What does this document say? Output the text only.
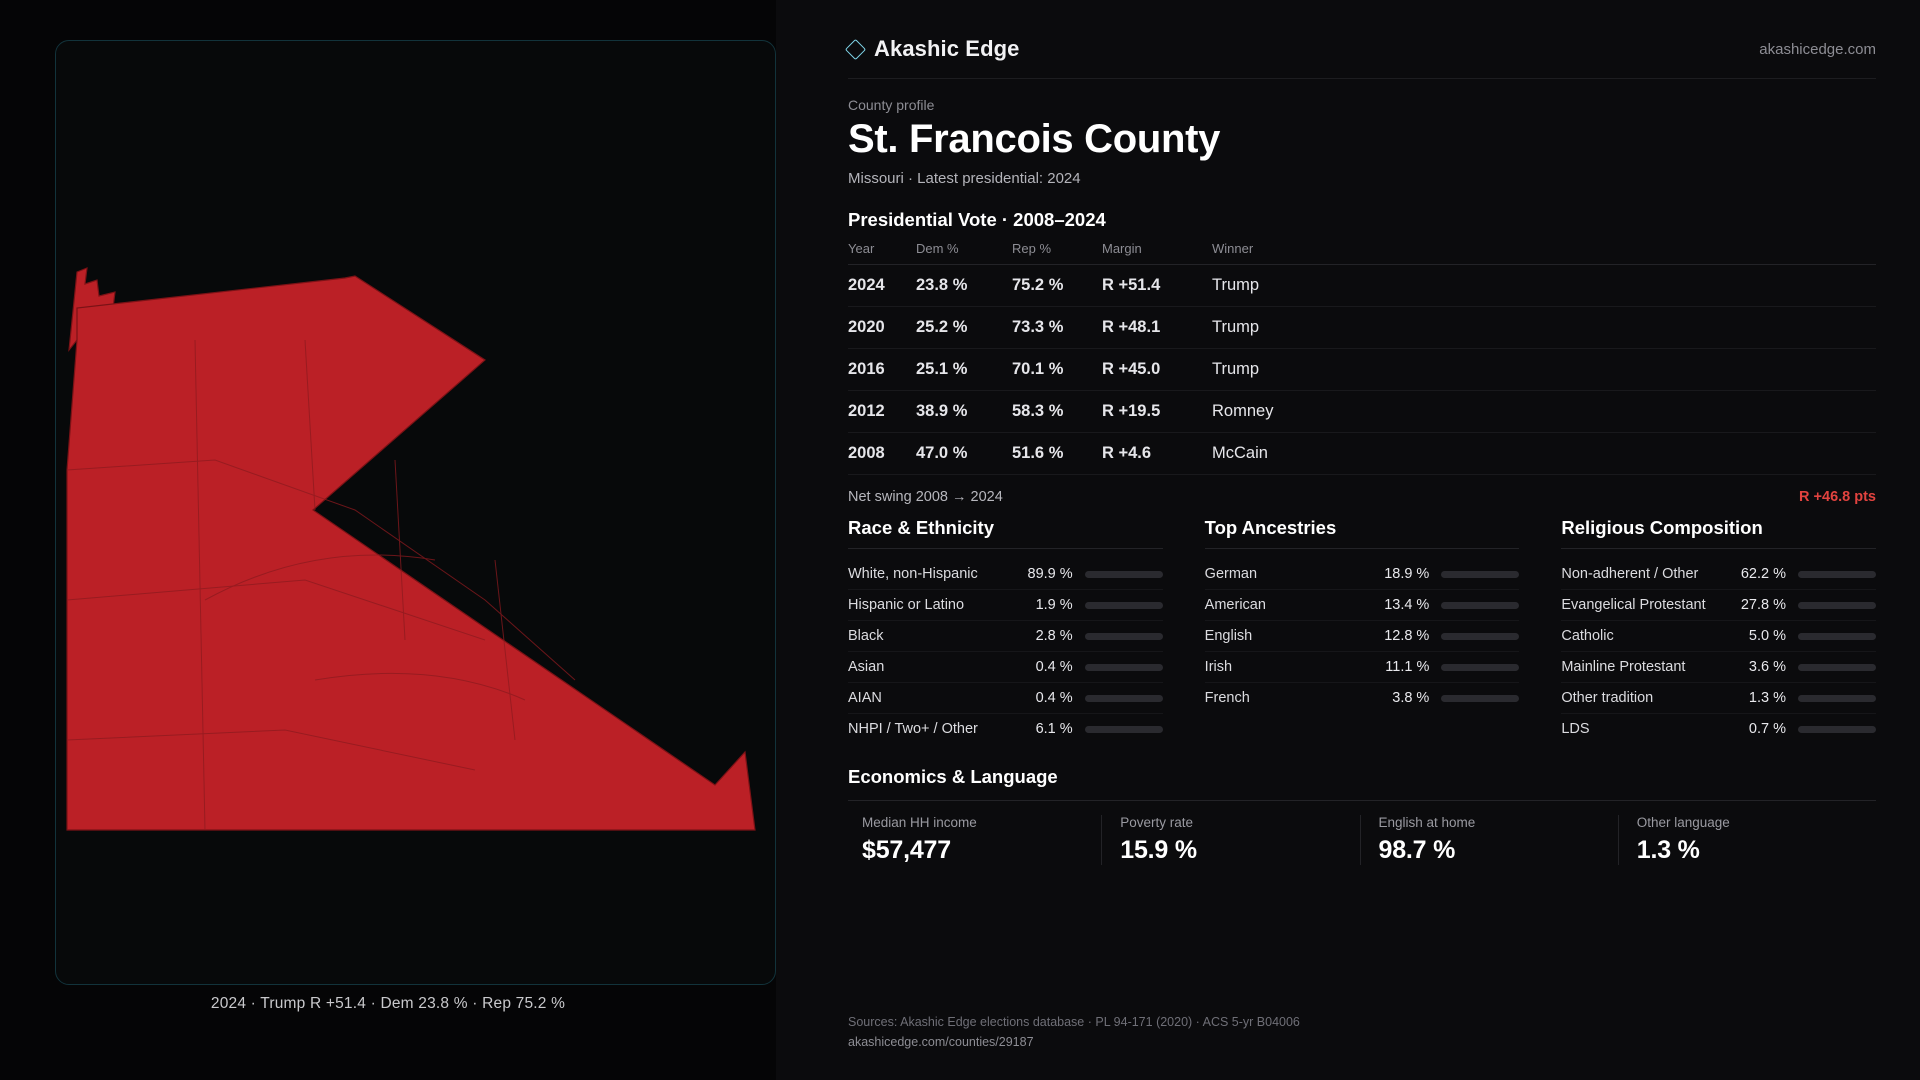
2024 · Trump R +51.4 · Dem 23.8 % · Rep 75.2 %
Akashic Edge	akashicedge.com
County profile
St. Francois County
Missouri · Latest presidential: 2024
Presidential Vote · 2008–2024
Year	Dem %	Rep %	Margin	Winner
2024	23.8 %	75.2 %	R +51.4	Trump
2020	25.2 %	73.3 %	R +48.1	Trump
2016	25.1 %	70.1 %	R +45.0	Trump
2012	38.9 %	58.3 %	R +19.5	Romney
2008	47.0 %	51.6 %	R +4.6	McCain
Net swing 2008 → 2024	R +46.8 pts
Race & Ethnicity
White, non-Hispanic	89.9 %
Hispanic or Latino	1.9 %
Black	2.8 %
Asian	0.4 %
AIAN	0.4 %
NHPI / Two+ / Other	6.1 %
Top Ancestries
German	18.9 %
American	13.4 %
English	12.8 %
Irish	11.1 %
French	3.8 %
Religious Composition
Non-adherent / Other	62.2 %
Evangelical Protestant	27.8 %
Catholic	5.0 %
Mainline Protestant	3.6 %
Other tradition	1.3 %
LDS	0.7 %
Economics & Language
Median HH income
$57,477
Poverty rate
15.9 %
English at home
98.7 %
Other language
1.3 %
Sources: Akashic Edge elections database · PL 94-171 (2020) · ACS 5-yr B04006
akashicedge.com/counties/29187
